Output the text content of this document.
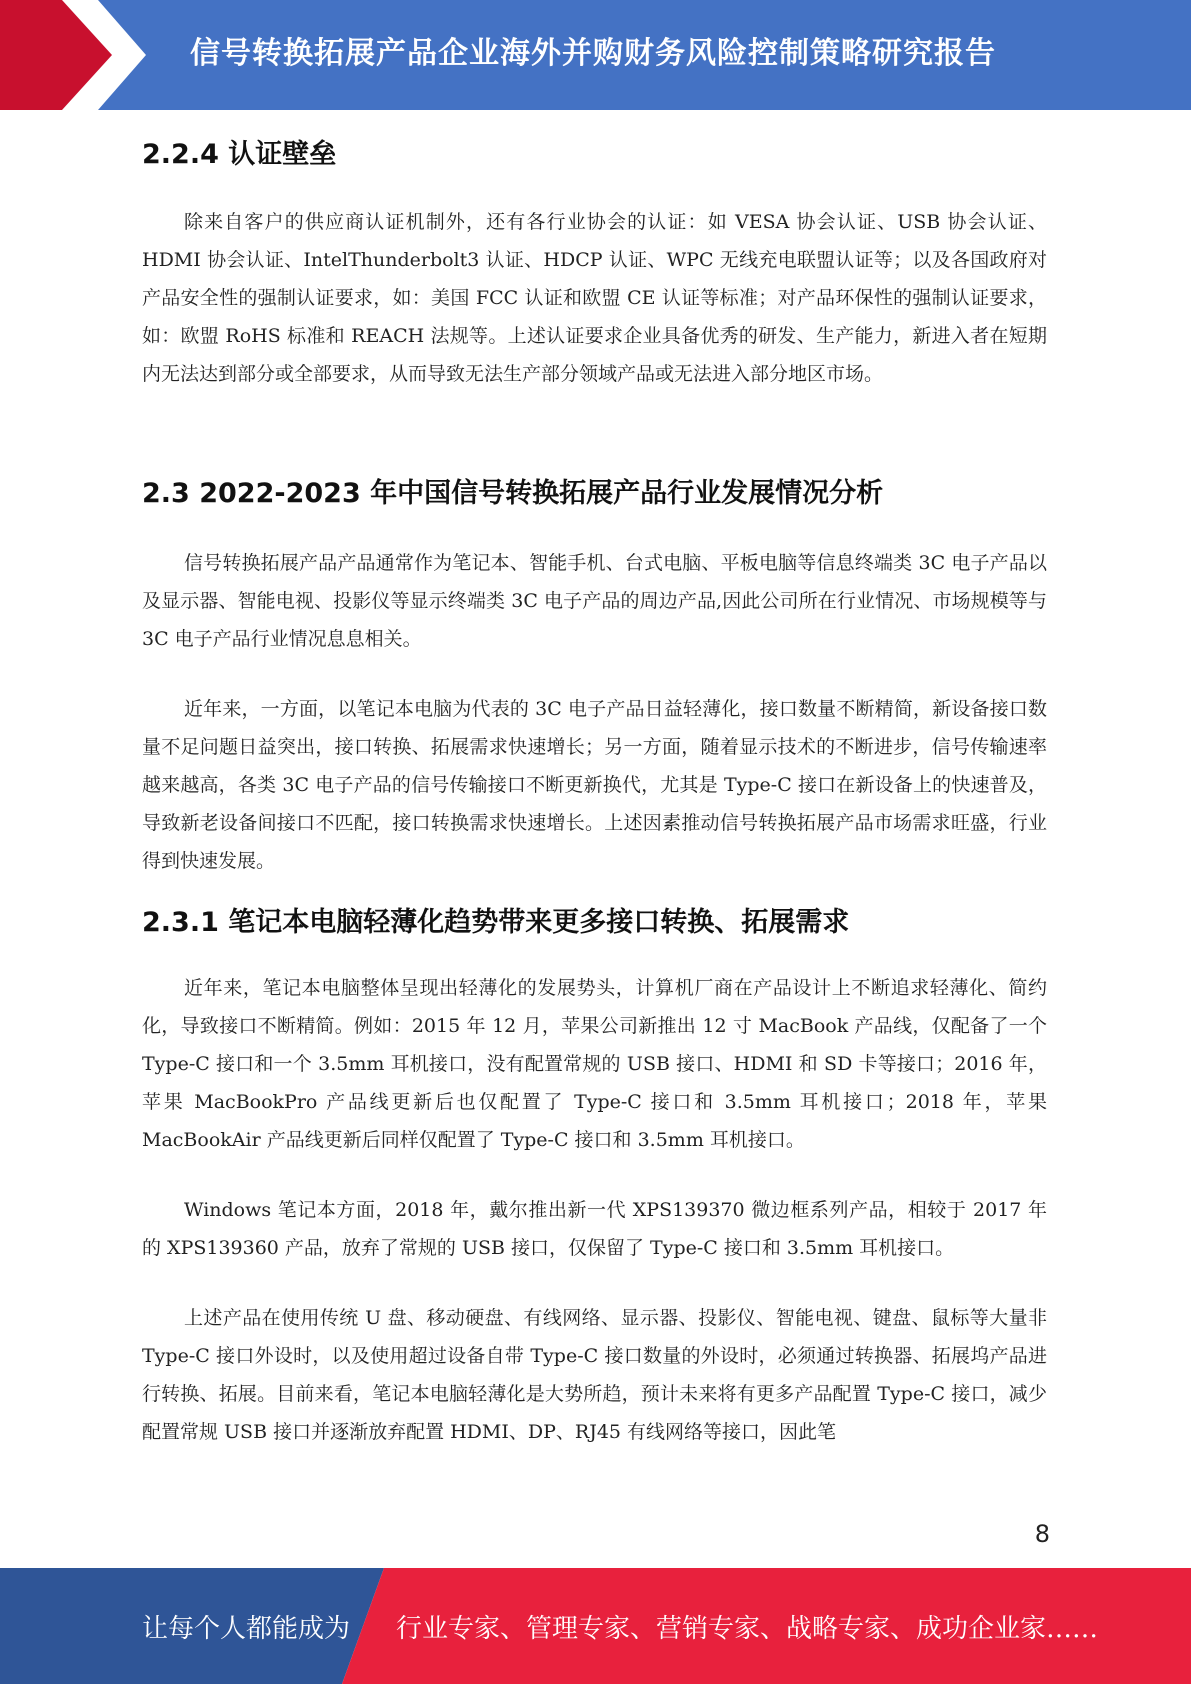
信号转换拓展产品企业海外并购财务风险控制策略研究报告
2.2.4 认证壁垒

除来自客户的供应商认证机制外，还有各行业协会的认证：如 VESA 协会认证、USB 协会认证、HDMI 协会认证、IntelThunderbolt3 认证、HDCP 认证、WPC 无线充电联盟认证等；以及各国政府对产品安全性的强制认证要求，如：美国 FCC 认证和欧盟 CE 认证等标准；对产品环保性的强制认证要求，如：欧盟 RoHS 标准和 REACH 法规等。上述认证要求企业具备优秀的研发、生产能力，新进入者在短期内无法达到部分或全部要求，从而导致无法生产部分领域产品或无法进入部分地区市场。

2.3 2022-2023 年中国信号转换拓展产品行业发展情况分析

信号转换拓展产品产品通常作为笔记本、智能手机、台式电脑、平板电脑等信息终端类 3C 电子产品以及显示器、智能电视、投影仪等显示终端类 3C 电子产品的周边产品,因此公司所在行业情况、市场规模等与 3C 电子产品行业情况息息相关。

近年来，一方面，以笔记本电脑为代表的 3C 电子产品日益轻薄化，接口数量不断精简，新设备接口数量不足问题日益突出，接口转换、拓展需求快速增长；另一方面，随着显示技术的不断进步，信号传输速率越来越高，各类 3C 电子产品的信号传输接口不断更新换代，尤其是 Type-C 接口在新设备上的快速普及，导致新老设备间接口不匹配，接口转换需求快速增长。上述因素推动信号转换拓展产品市场需求旺盛，行业得到快速发展。

2.3.1 笔记本电脑轻薄化趋势带来更多接口转换、拓展需求

近年来，笔记本电脑整体呈现出轻薄化的发展势头，计算机厂商在产品设计上不断追求轻薄化、简约化，导致接口不断精简。例如：2015 年 12 月，苹果公司新推出 12 寸 MacBook 产品线，仅配备了一个 Type-C 接口和一个 3.5mm 耳机接口，没有配置常规的 USB 接口、HDMI 和 SD 卡等接口；2016 年，苹果 MacBookPro 产品线更新后也仅配置了 Type-C 接口和 3.5mm 耳机接口；2018 年，苹果 MacBookAir 产品线更新后同样仅配置了 Type-C 接口和 3.5mm 耳机接口。

Windows 笔记本方面，2018 年，戴尔推出新一代 XPS139370 微边框系列产品，相较于 2017 年的 XPS139360 产品，放弃了常规的 USB 接口，仅保留了 Type-C 接口和 3.5mm 耳机接口。

上述产品在使用传统 U 盘、移动硬盘、有线网络、显示器、投影仪、智能电视、键盘、鼠标等大量非 Type-C 接口外设时，以及使用超过设备自带 Type-C 接口数量的外设时，必须通过转换器、拓展坞产品进行转换、拓展。目前来看，笔记本电脑轻薄化是大势所趋，预计未来将有更多产品配置 Type-C 接口，减少配置常规 USB 接口并逐渐放弃配置 HDMI、DP、RJ45 有线网络等接口，因此笔

8
让每个人都能成为 行业专家、管理专家、营销专家、战略专家、成功企业家……
